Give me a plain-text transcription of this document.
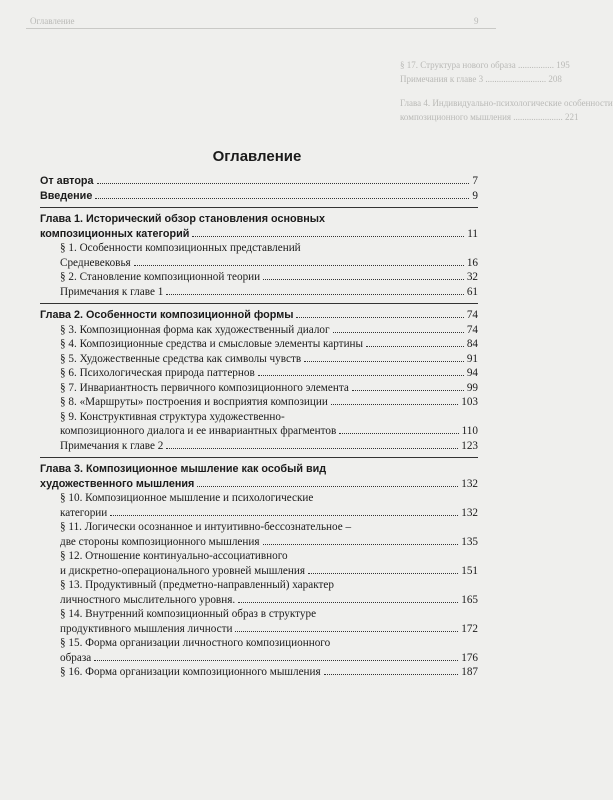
Оглавление	9
§ 17. Структура нового образа ................ 195
Примечания к главе 3 ........................... 208
Глава 4. Индивидуально-психологические особенности
композиционного мышления ...................... 221
Оглавление
От автора	7
Введение	9
Глава 1. Исторический обзор становления основных
композиционных категорий	11
§ 1. Особенности композиционных представлений
Средневековья	16
§ 2. Становление композиционной теории	32
Примечания к главе 1	61
Глава 2. Особенности композиционной формы	74
§ 3. Композиционная форма как художественный диалог	74
§ 4. Композиционные средства и смысловые элементы картины	84
§ 5. Художественные средства как символы чувств	91
§ 6. Психологическая природа паттернов	94
§ 7. Инвариантность первичного композиционного элемента	99
§ 8. «Маршруты» построения и восприятия композиции	103
§ 9. Конструктивная структура художественно-
композиционного диалога и ее инвариантных фрагментов	110
Примечания к главе 2	123
Глава 3. Композиционное мышление как особый вид
художественного мышления	132
§ 10. Композиционное мышление и психологические
категории	132
§ 11. Логически осознанное и интуитивно-бессознательное –
две стороны композиционного мышления	135
§ 12. Отношение континуально-ассоциативного
и дискретно-операционального уровней мышления	151
§ 13. Продуктивный (предметно-направленный) характер
личностного мыслительного уровня.	165
§ 14. Внутренний композиционный образ в структуре
продуктивного мышления личности	172
§ 15. Форма организации личностного композиционного
образа	176
§ 16. Форма организации композиционного мышления	187
